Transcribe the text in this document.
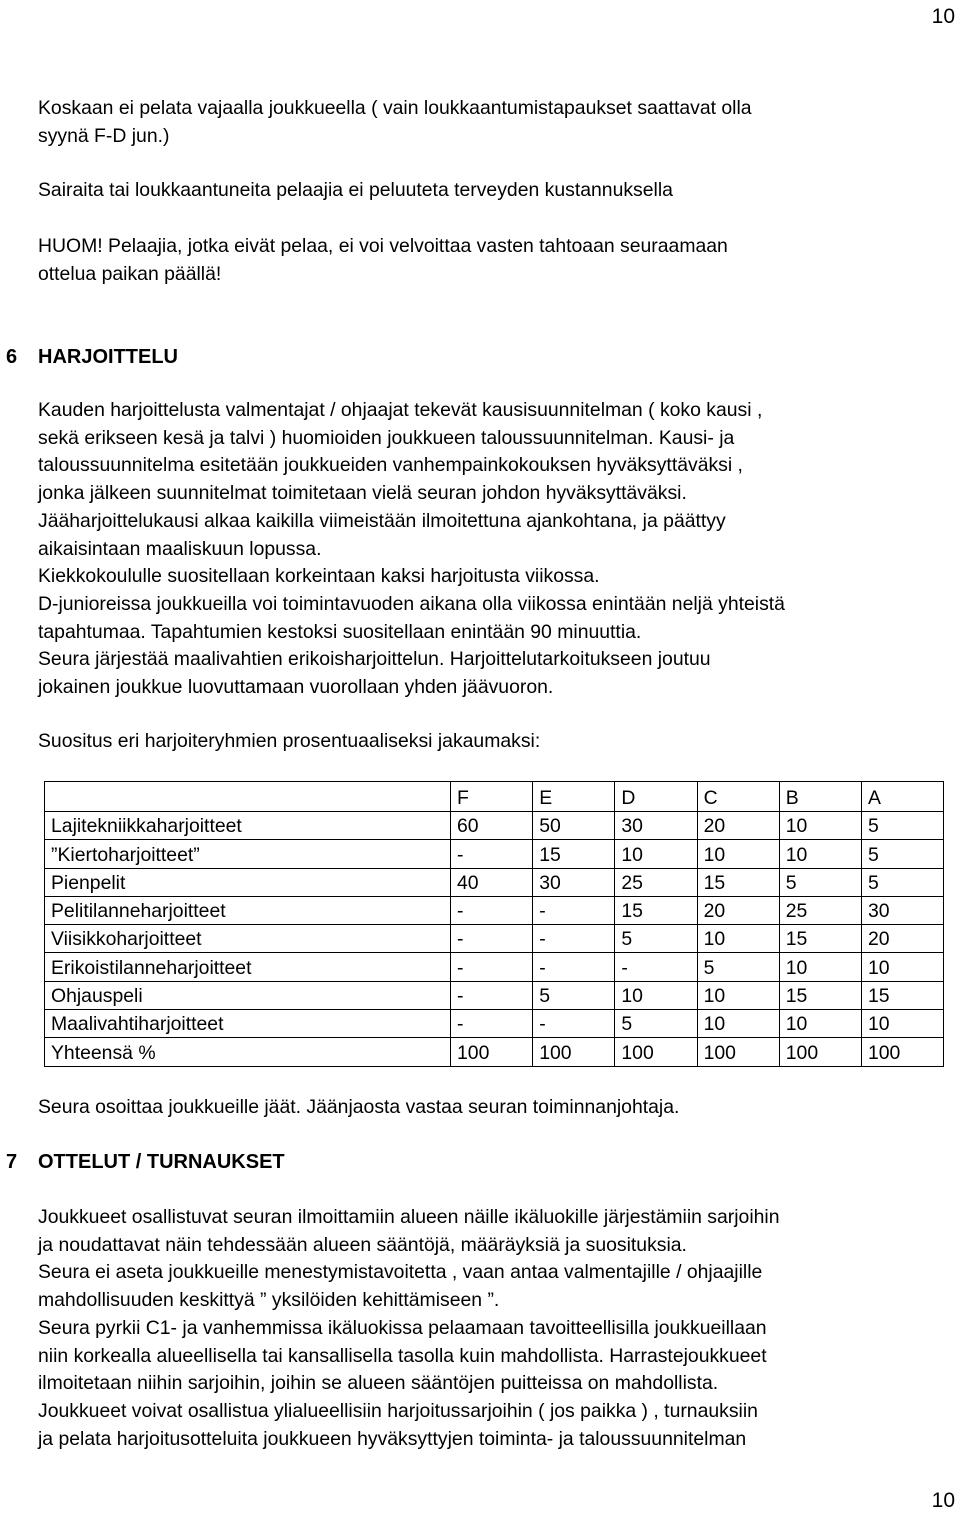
10

Koskaan ei pelata vajaalla joukkueella ( vain loukkaantumistapaukset saattavat olla

syynä F-D jun.)

Sairaita tai loukkaantuneita pelaajia ei peluuteta terveyden kustannuksella

HUOM! Pelaajia, jotka eivät pelaa, ei voi velvoittaa vasten tahtoaan seuraamaan

ottelua paikan päällä!

6 HARJOITTELU

Kauden harjoittelusta valmentajat / ohjaajat tekevät kausisuunnitelman ( koko kausi ,

sekä erikseen kesä ja talvi ) huomioiden joukkueen taloussuunnitelman. Kausi- ja

taloussuunnitelma esitetään joukkueiden vanhempainkokouksen hyväksyttäväksi ,

jonka jälkeen suunnitelmat toimitetaan vielä seuran johdon hyväksyttäväksi.

Jääharjoittelukausi alkaa kaikilla viimeistään ilmoitettuna ajankohtana, ja päättyy

aikaisintaan maaliskuun lopussa.

Kiekkokoululle suositellaan korkeintaan kaksi harjoitusta viikossa.

D-junioreissa joukkueilla voi toimintavuoden aikana olla viikossa enintään neljä yhteistä

tapahtumaa. Tapahtumien kestoksi suositellaan enintään 90 minuuttia.

Seura järjestää maalivahtien erikoisharjoittelun. Harjoittelutarkoitukseen joutuu

jokainen joukkue luovuttamaan vuorollaan yhden jäävuoron.

Suositus eri harjoiteryhmien prosentuaaliseksi jakaumaksi:

	F	E	D	C	B	A
Lajitekniikkaharjoitteet	60	50	30	20	10	5
”Kiertoharjoitteet”	-	15	10	10	10	5
Pienpelit	40	30	25	15	5	5
Pelitilanneharjoitteet	-	-	15	20	25	30
Viisikkoharjoitteet	-	-	5	10	15	20
Erikoistilanneharjoitteet	-	-	-	5	10	10
Ohjauspeli	-	5	10	10	15	15
Maalivahtiharjoitteet	-	-	5	10	10	10
Yhteensä %	100	100	100	100	100	100

Seura osoittaa joukkueille jäät. Jäänjaosta vastaa seuran toiminnanjohtaja.

7 OTTELUT / TURNAUKSET

Joukkueet osallistuvat seuran ilmoittamiin alueen näille ikäluokille järjestämiin sarjoihin

ja noudattavat näin tehdessään alueen sääntöjä, määräyksiä ja suosituksia.

Seura ei aseta joukkueille menestymistavoitetta , vaan antaa valmentajille / ohjaajille

mahdollisuuden keskittyä ” yksilöiden kehittämiseen ”.

Seura pyrkii C1- ja vanhemmissa ikäluokissa pelaamaan tavoitteellisilla joukkueillaan

niin korkealla alueellisella tai kansallisella tasolla kuin mahdollista. Harrastejoukkueet

ilmoitetaan niihin sarjoihin, joihin se alueen sääntöjen puitteissa on mahdollista.

Joukkueet voivat osallistua ylialueellisiin harjoitussarjoihin ( jos paikka ) , turnauksiin

ja pelata harjoitusotteluita joukkueen hyväksyttyjen toiminta- ja taloussuunnitelman

10
